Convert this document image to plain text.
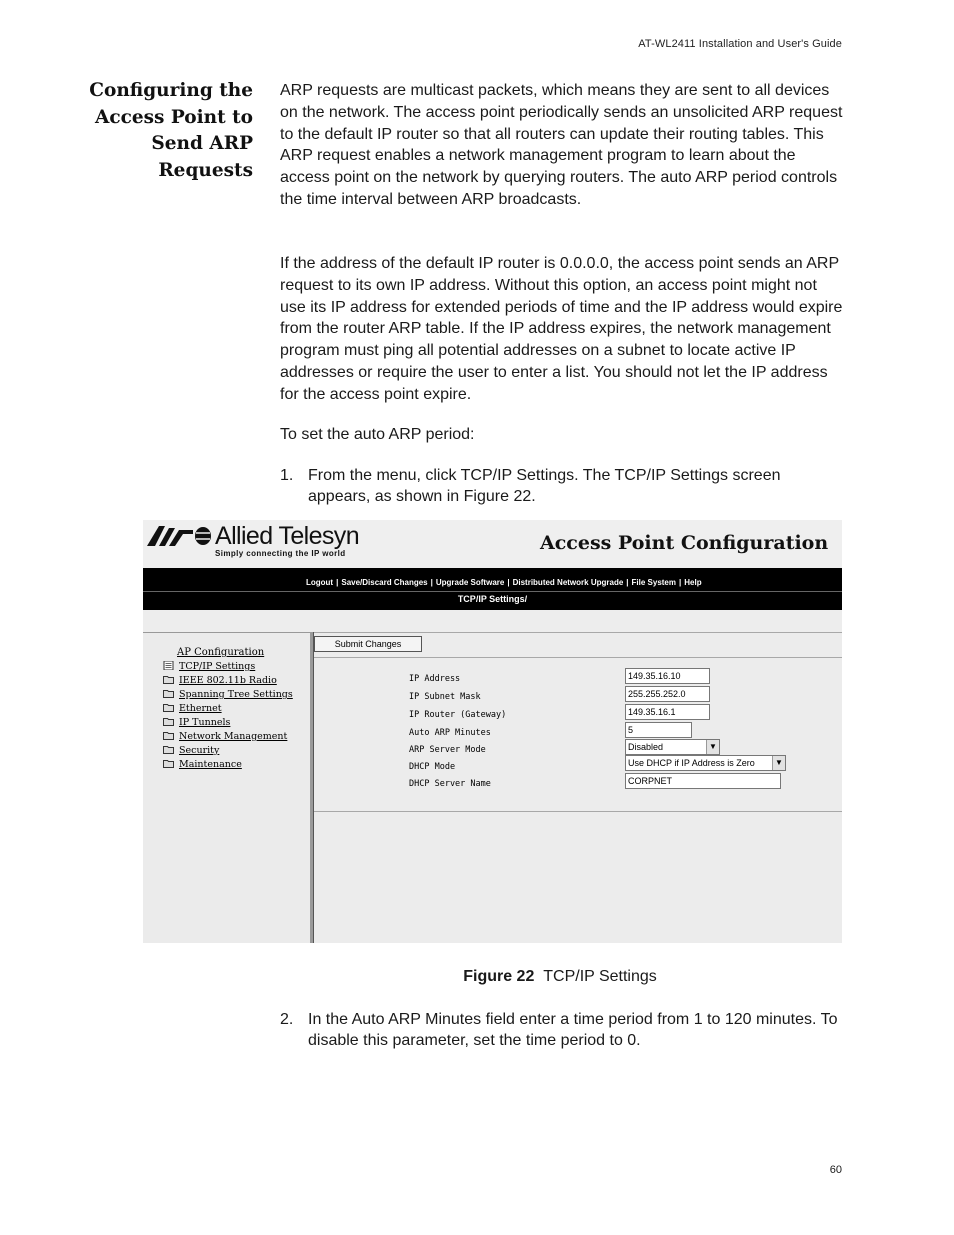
AT-WL2411 Installation and User's Guide
Configuring the
Access Point to
Send ARP
Requests
ARP requests are multicast packets, which means they are sent to all devices on the network. The access point periodically sends an unsolicited ARP request to the default IP router so that all routers can update their routing tables. This ARP request enables a network management program to learn about the access point on the network by querying routers. The auto ARP period controls the time interval between ARP broadcasts.
If the address of the default IP router is 0.0.0.0, the access point sends an ARP request to its own IP address. Without this option, an access point might not use its IP address for extended periods of time and the IP address would expire from the router ARP table. If the IP address expires, the network management program must ping all potential addresses on a subnet to locate active IP addresses or require the user to enter a list. You should not let the IP address for the access point expire.
To set the auto ARP period:
1. From the menu, click TCP/IP Settings. The TCP/IP Settings screen appears, as shown in Figure 22.
Allied Telesyn
Simply connecting the IP world	Access Point Configuration
Logout | Save/Discard Changes | Upgrade Software | Distributed Network Upgrade | File System | Help
TCP/IP Settings/
AP Configuration
TCP/IP Settings
IEEE 802.11b Radio
Spanning Tree Settings
Ethernet
IP Tunnels
Network Management
Security
Maintenance
Submit Changes
IP Address	149.35.16.10
IP Subnet Mask	255.255.252.0
IP Router (Gateway)	149.35.16.1
Auto ARP Minutes	5
ARP Server Mode	Disabled	▼
DHCP Mode	Use DHCP if IP Address is Zero	▼
DHCP Server Name	CORPNET
Figure 22 TCP/IP Settings
2. In the Auto ARP Minutes field enter a time period from 1 to 120 minutes. To disable this parameter, set the time period to 0.
60
